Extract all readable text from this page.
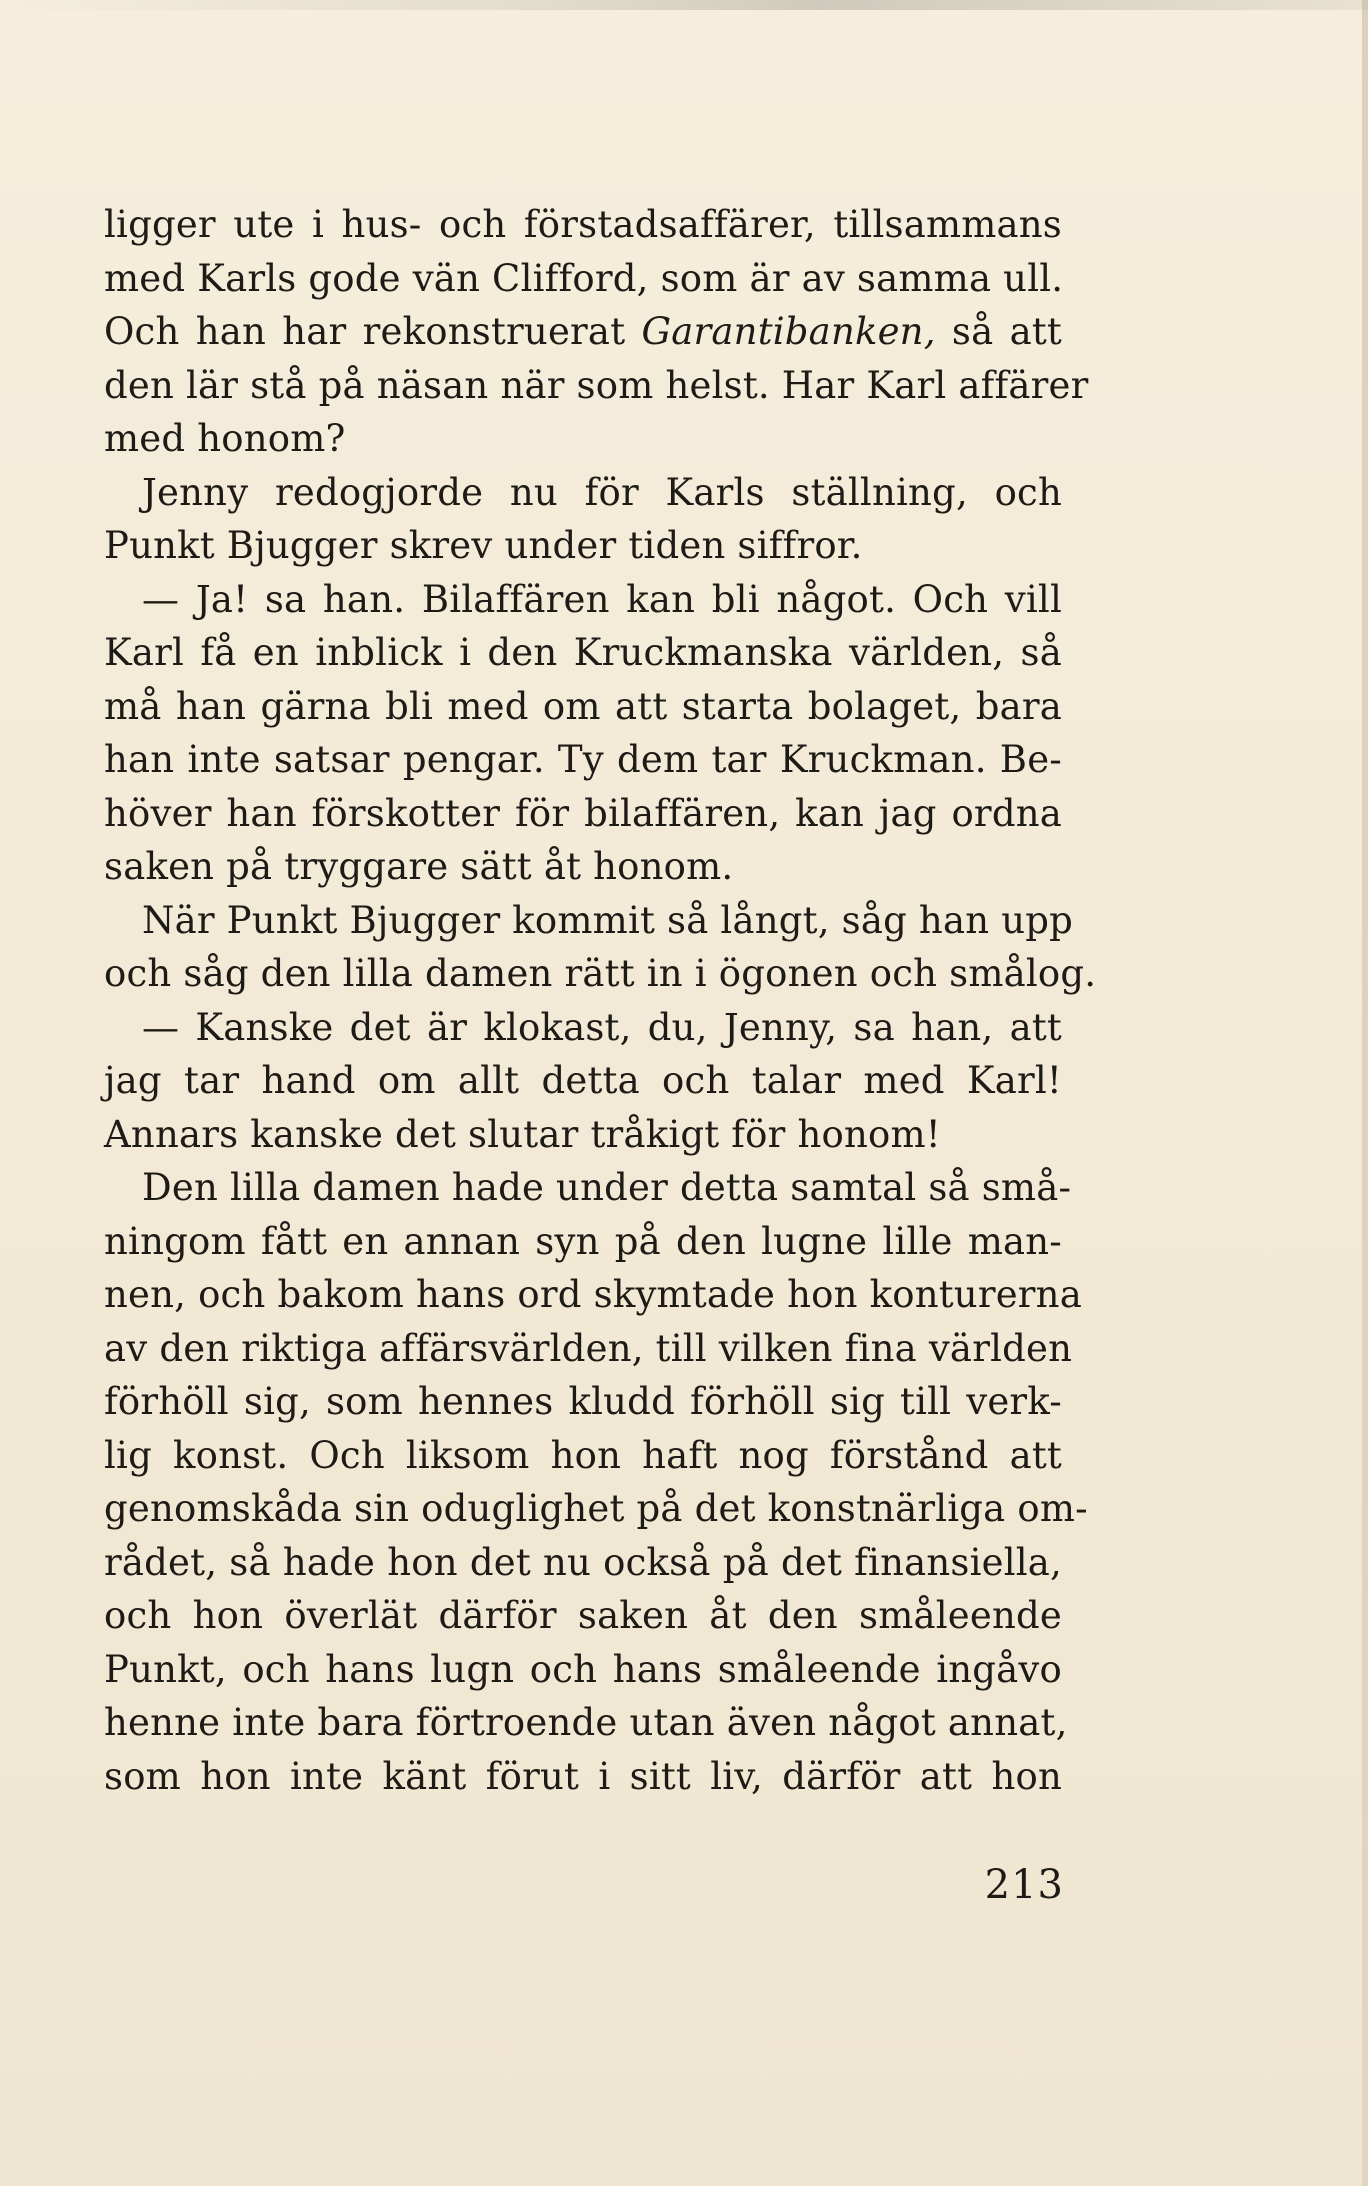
ligger ute i hus- och förstadsaffärer, tillsammans
med Karls gode vän Clifford, som är av samma ull.
Och han har rekonstruerat Garantibanken, så att
den lär stå på näsan när som helst. Har Karl affärer
med honom?
Jenny redogjorde nu för Karls ställning, och
Punkt Bjugger skrev under tiden siffror.
— Ja! sa han. Bilaffären kan bli något. Och vill
Karl få en inblick i den Kruckmanska världen, så
må han gärna bli med om att starta bolaget, bara
han inte satsar pengar. Ty dem tar Kruckman. Be-
höver han förskotter för bilaffären, kan jag ordna
saken på tryggare sätt åt honom.
När Punkt Bjugger kommit så långt, såg han upp
och såg den lilla damen rätt in i ögonen och smålog.
— Kanske det är klokast, du, Jenny, sa han, att
jag tar hand om allt detta och talar med Karl!
Annars kanske det slutar tråkigt för honom!
Den lilla damen hade under detta samtal så små-
ningom fått en annan syn på den lugne lille man-
nen, och bakom hans ord skymtade hon konturerna
av den riktiga affärsvärlden, till vilken fina världen
förhöll sig, som hennes kludd förhöll sig till verk-
lig konst. Och liksom hon haft nog förstånd att
genomskåda sin oduglighet på det konstnärliga om-
rådet, så hade hon det nu också på det finansiella,
och hon överlät därför saken åt den småleende
Punkt, och hans lugn och hans småleende ingåvo
henne inte bara förtroende utan även något annat,
som hon inte känt förut i sitt liv, därför att hon
213
